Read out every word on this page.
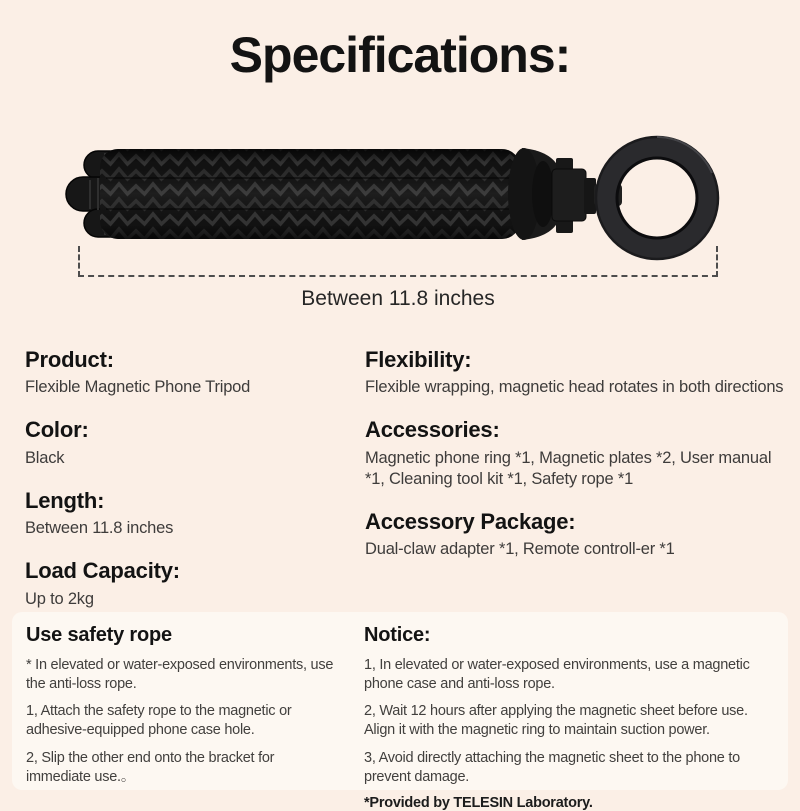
Specifications:
Between 11.8 inches
Product:
Flexible Magnetic Phone Tripod
Color:
Black
Length:
Between 11.8 inches
Load Capacity:
Up to 2kg
Flexibility:
Flexible wrapping, magnetic head rotates in both directions
Accessories:
Magnetic phone ring *1, Magnetic plates *2, User manual *1, Cleaning tool kit *1, Safety rope *1
Accessory Package:
Dual-claw adapter *1, Remote controll-er *1
Use safety rope

* In elevated or water-exposed environments, use the anti-loss rope.

1, Attach the safety rope to the magnetic or adhesive-equipped phone case hole.

2, Slip the other end onto the bracket for immediate use.。

Notice:

1, In elevated or water-exposed environments, use a magnetic phone case and anti-loss rope.

2, Wait 12 hours after applying the magnetic sheet before use. Align it with the magnetic ring to maintain suction power.

3, Avoid directly attaching the magnetic sheet to the phone to prevent damage.

*Provided by TELESIN Laboratory.
